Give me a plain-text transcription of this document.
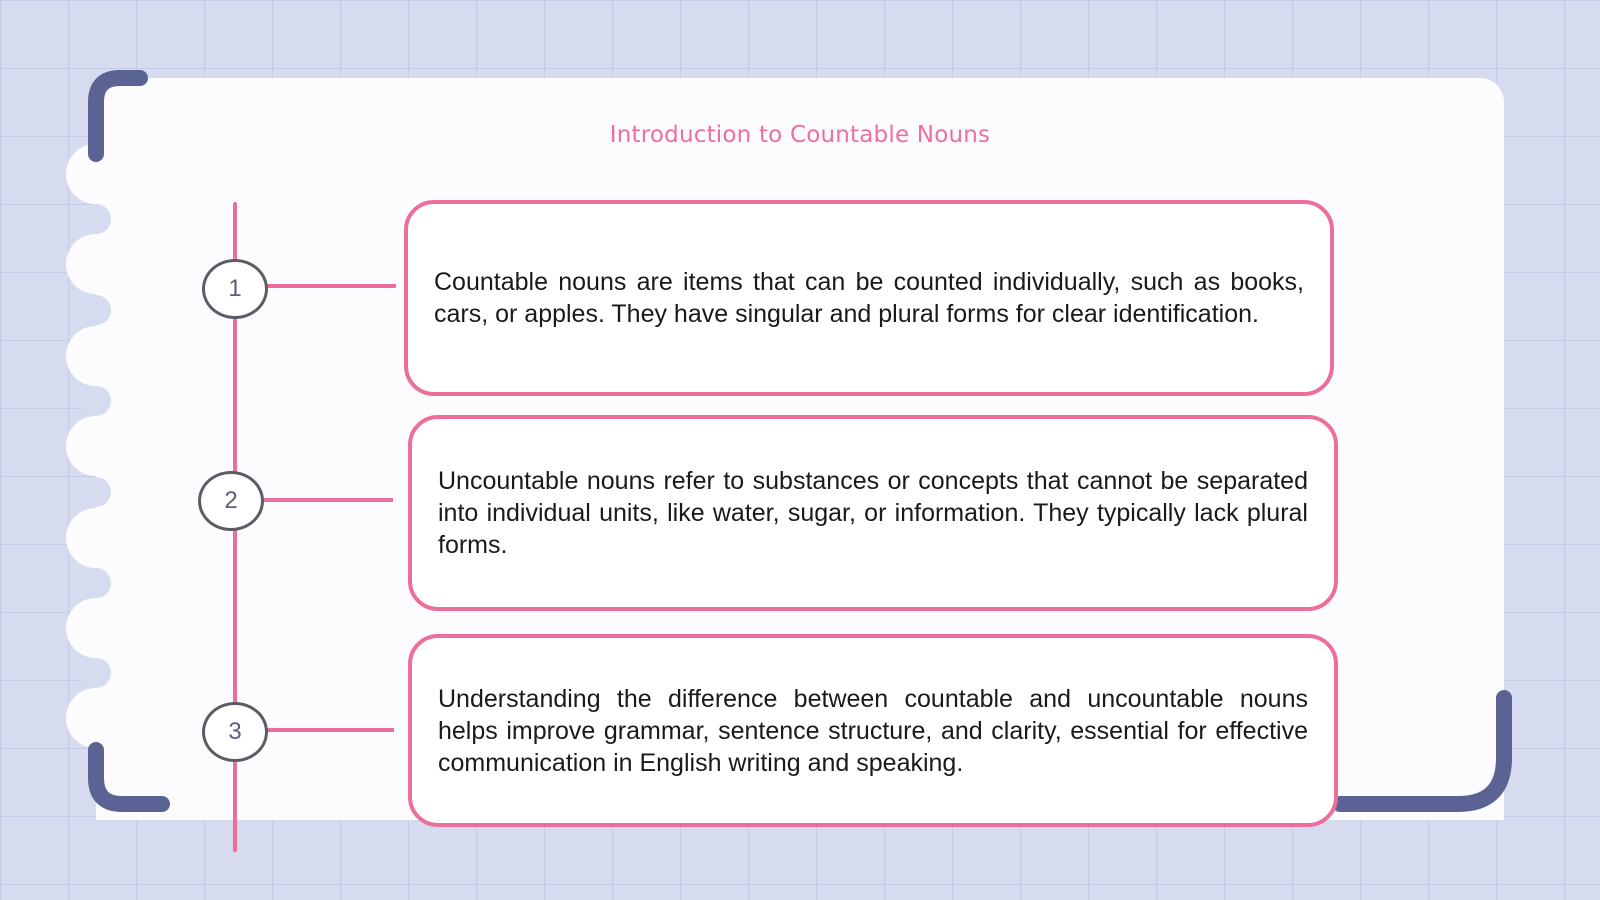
Introduction to Countable Nouns
1	Countable nouns are items that can be counted individually, such as books, cars, or apples. They have singular and plural forms for clear identification.

2

Uncountable nouns refer to substances or concepts that cannot be separated into individual units, like water, sugar, or information. They typically lack plural forms.

3

Understanding the difference between countable and uncountable nouns helps improve grammar, sentence structure, and clarity, essential for effective communication in English writing and speaking.
